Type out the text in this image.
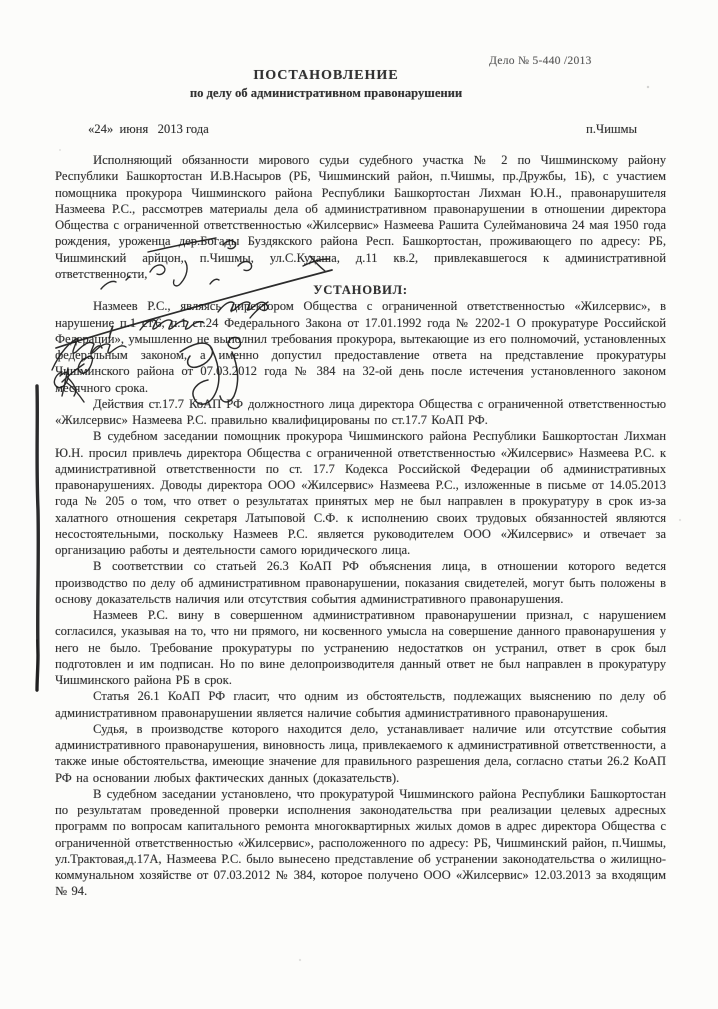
Дело № 5-440 /2013
ПОСТАНОВЛЕНИЕ
по делу об административном правонарушении
«24»  июня   2013 года	п.Чишмы

Исполняющий обязанности мирового судьи судебного участка № 2 по Чишминскому району Республики Башкортостан И.В.Насыров (РБ, Чишминский район, п.Чишмы, пр.Дружбы, 1Б), с участием помощника прокурора Чишминского района Республики Башкортостан Лихман Ю.Н., правонарушителя Назмеева Р.С., рассмотрев материалы дела об административном правонарушении в отношении директора Общества с ограниченной ответственностью «Жилсервис» Назмеева Рашита Сулеймановича 24 мая 1950 года рождения, уроженца дер.Богады Буздякского района Респ. Башкортостан, проживающего по адресу: РБ, Чишминский арйцон, п.Чишмы, ул.С.Кудаша, д.11 кв.2, привлекавшегося к административной ответственности,

УСТАНОВИЛ:

Назмеев Р.С., являясь директором Общества с ограниченной ответственностью «Жилсервис», в нарушение п.1 ст.6, п.1 ст.24 Федерального Закона от 17.01.1992 года № 2202-1 О прокуратуре Российской Федерации», умышленно не выполнил требования прокурора, вытекающие из его полномочий, установленных федеральным законом, а именно допустил предоставление ответа на представление прокуратуры Чишминского района от 07.03.2012 года № 384 на 32-ой день после истечения установленного законом месячного срока.

Действия ст.17.7 КоАП РФ должностного лица директора Общества с ограниченной ответственностью «Жилсервис» Назмеева Р.С. правильно квалифицированы по ст.17.7 КоАП РФ.

В судебном заседании помощник прокурора Чишминского района Республики Башкортостан Лихман Ю.Н. просил привлечь директора Общества с ограниченной ответственностью «Жилсервис» Назмеева Р.С. к административной ответственности по ст. 17.7 Кодекса Российской Федерации об административных правонарушениях. Доводы директора ООО «Жилсервис» Назмеева Р.С., изложенные в письме от 14.05.2013 года № 205 о том, что ответ о результатах принятых мер не был направлен в прокуратуру в срок из-за халатного отношения секретаря Латыповой С.Ф. к исполнению своих трудовых обязанностей являются несостоятельными, поскольку Назмеев Р.С. является руководителем ООО «Жилсервис» и отвечает за организацию работы и деятельности самого юридического лица.

В соответствии со статьей 26.3 КоАП РФ объяснения лица, в отношении которого ведется производство по делу об административном правонарушении, показания свидетелей, могут быть положены в основу доказательств наличия или отсутствия события административного правонарушения.

Назмеев Р.С. вину в совершенном административном правонарушении признал, с нарушением согласился, указывая на то, что ни прямого, ни косвенного умысла на совершение данного правонарушения у него не было. Требование прокуратуры по устранению недостатков он устранил, ответ в срок был подготовлен и им подписан. Но по вине делопроизводителя данный ответ не был направлен в прокуратуру Чишминского района РБ в срок.

Статья 26.1 КоАП РФ гласит, что одним из обстоятельств, подлежащих выяснению по делу об административном правонарушении является наличие события административного правонарушения.

Судья, в производстве которого находится дело, устанавливает наличие или отсутствие события административного правонарушения, виновность лица, привлекаемого к административной ответственности, а также иные обстоятельства, имеющие значение для правильного разрешения дела, согласно статьи 26.2 КоАП РФ на основании любых фактических данных (доказательств).

В судебном заседании установлено, что прокуратурой Чишминского района Республики Башкортостан по результатам проведенной проверки исполнения законодательства при реализации целевых адресных программ по вопросам капитального ремонта многоквартирных жилых домов в адрес директора Общества с ограниченной ответственностью «Жилсервис», расположенного по адресу: РБ, Чишминский район, п.Чишмы, ул.Трактовая,д.17А, Назмеева Р.С. было вынесено представление об устранении законодательства о жилищно-коммунальном хозяйстве от 07.03.2012 № 384, которое получено ООО «Жилсервис» 12.03.2013 за входящим № 94.
